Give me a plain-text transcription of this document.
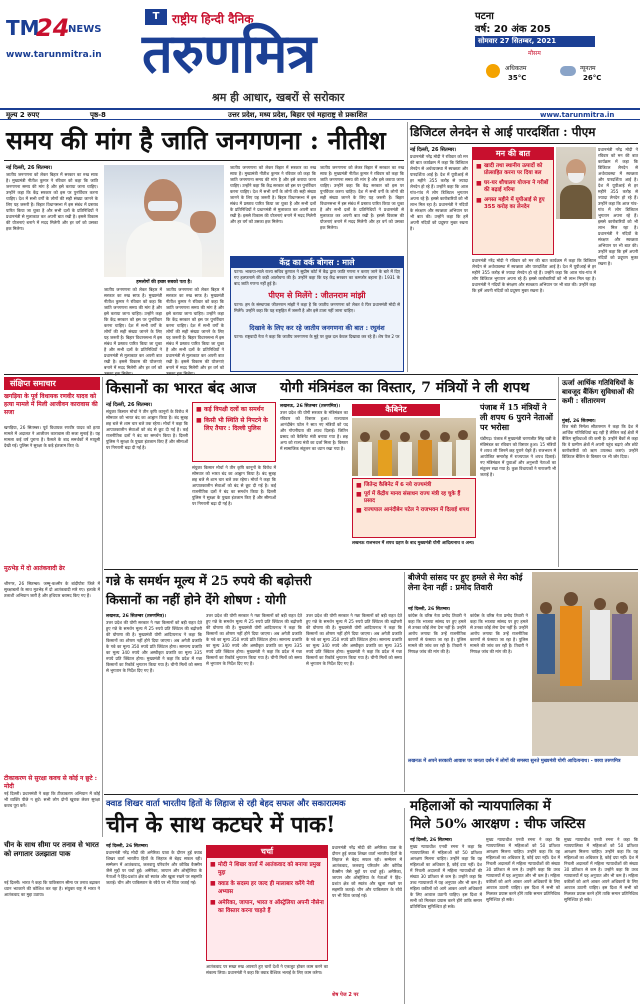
TM
24
NEWS
www.tarunmitra.in
T	राष्ट्रीय हिन्दी दैनिक
तरुणमित्र
श्रम ही आधार, खबरों से सरोकार
पटना
वर्ष: 20 अंक 205
सोमवार 27 सितम्बर, 2021
मौसम
अधिकतम
35°C
न्यूनतम
26°C
मूल्य 2 रुपए	पृष्ठ-8	उत्तर प्रदेश, मध्य प्रदेश, बिहार एवं महाराष्ट्र से प्रकाशित	www.tarunmitra.in
समय की मांग है जाति जनगणना : नीतीश
नई दिल्ली, 26 सितम्बर।
जातीय जनगणना को लेकर बिहार में सरकार का रुख साफ है। मुख्यमंत्री नीतीश कुमार ने रविवार को कहा कि जाति जनगणना समय की मांग है और इसे कराया जाना चाहिए। उन्होंने कहा कि केंद्र सरकार को इस पर पुनर्विचार करना चाहिए। देश में सभी वर्गों के लोगों की सही संख्या जानने के लिए यह जरूरी है। बिहार विधानसभा में इस संबंध में प्रस्ताव पारित किया जा चुका है और सभी दलों के प्रतिनिधियों ने प्रधानमंत्री से मुलाकात कर अपनी बात रखी है। इससे विकास की योजनाएं बनाने में मदद मिलेगी और हर वर्ग को उसका हक मिलेगा।
हमलोगों की इच्छा सबको पता है।
जातीय जनगणना को लेकर बिहार में सरकार का रुख साफ है। मुख्यमंत्री नीतीश कुमार ने रविवार को कहा कि जाति जनगणना समय की मांग है और इसे कराया जाना चाहिए। उन्होंने कहा कि केंद्र सरकार को इस पर पुनर्विचार करना चाहिए। देश में सभी वर्गों के लोगों की सही संख्या जानने के लिए यह जरूरी है। बिहार विधानसभा में इस संबंध में प्रस्ताव पारित किया जा चुका है और सभी दलों के प्रतिनिधियों ने प्रधानमंत्री से मुलाकात कर अपनी बात रखी है। इससे विकास की योजनाएं बनाने में मदद मिलेगी और हर वर्ग को
जातीय जनगणना को लेकर बिहार में सरकार का रुख साफ है। मुख्यमंत्री नीतीश कुमार ने रविवार को कहा कि जाति जनगणना समय की मांग है और इसे कराया जाना चाहिए। उन्होंने कहा कि केंद्र सरकार को इस पर पुनर्विचार करना चाहिए। देश में सभी वर्गों के लोगों की सही संख्या जानने के लिए यह जरूरी है। बिहार विधानसभा में इस संबंध में प्रस्ताव पारित किया जा चुका है और सभी दलों के प्रतिनिधियों ने प्रधानमंत्री से मुलाकात कर अपनी बात रखी है। इससे विकास की योजनाएं बनाने में मदद मिलेगी और हर वर्ग को
जातीय जनगणना को लेकर बिहार में सरकार का रुख साफ है। मुख्यमंत्री नीतीश कुमार ने रविवार को कहा कि जाति जनगणना समय की मांग है और इसे कराया जाना चाहिए। उन्होंने कहा कि केंद्र सरकार को इस पर पुनर्विचार करना चाहिए। देश में सभी वर्गों के लोगों की सही संख्या जानने के लिए यह जरूरी है। बिहार विधानसभा में इस संबंध में प्रस्ताव पारित किया जा चुका है और सभी दलों के प्रतिनिधियों ने प्रधानमंत्री से मुलाकात कर अपनी बात रखी है। इससे विकास की योजनाएं बनाने में मदद मिलेगी और हर वर्ग को उसका हक मिलेगा।
जातीय जनगणना को लेकर बिहार में सरकार का रुख साफ है। मुख्यमंत्री नीतीश कुमार ने रविवार को कहा कि जाति जनगणना समय की मांग है और इसे कराया जाना चाहिए। उन्होंने कहा कि केंद्र सरकार को इस पर पुनर्विचार करना चाहिए। देश में सभी वर्गों के लोगों की सही संख्या जानने के लिए यह जरूरी है। बिहार विधानसभा में इस संबंध में प्रस्ताव पारित किया जा चुका है और सभी दलों के प्रतिनिधियों ने प्रधानमंत्री से मुलाकात कर अपनी बात रखी है। इससे विकास की योजनाएं बनाने में मदद मिलेगी और हर वर्ग को उसका हक मिलेगा।
केंद्र का वर्क बोगस : माले
पटना। भाकपा-माले राज्य सचिव कुणाल ने सुप्रीम कोर्ट में केंद्र द्वारा जाति गणना न कराए जाने के बारे में दिए गए हलफनामे की कड़ी आलोचना की है। उन्होंने कहा कि यह केंद्र सरकार का कमजोर बहाना है। 1931 के बाद जाति गणना नहीं हुई है।
पीएम से मिलेंगे : जीतनराम मांझी
पटना। हम के संस्थापक जीतनराम मांझी ने कहा है कि जातीय जनगणना को लेकर वे फिर प्रधानमंत्री मोदी से मिलेंगे। उन्होंने कहा कि यह राष्ट्रहित में जरूरी है और इसे टाला नहीं जाना चाहिए।
दिखावे के लिए कर रहे जातीय जनगणना की बात : रघुवंश
पटना। राष्ट्रवादी नेता ने कहा कि जातीय जनगणना के मुद्दे पर कुछ दल केवल दिखावा कर रहे हैं। शेष पेज 2 पर
डिजिटल लेनदेन से आई पारदर्शिता : पीएम
नई दिल्ली, 26 सितम्बर।
प्रधानमंत्री नरेंद्र मोदी ने रविवार को मन की बात कार्यक्रम में कहा कि डिजिटल लेनदेन से अर्थव्यवस्था में स्वच्छता और पारदर्शिता आई है। देश में यूपीआई से हर महीने 355 करोड़ से ज्यादा लेनदेन हो रहे हैं। उन्होंने कहा कि आज गांव-गांव में लोग डिजिटल भुगतान अपना रहे हैं। इससे कारोबारियों को भी लाभ मिल रहा है। प्रधानमंत्री ने नदियों के संरक्षण और स्वच्छता अभियान पर भी बात की। उन्होंने कहा कि हमें अपनी नदियों को प्रदूषण मुक्त रखना है।
मन की बात
■ खादी तथा स्थानीय उत्पादों को प्रोत्साहित करना पर दिया बल
■ घर-घर शौचालय योजना ने गरीबों की बढ़ाई गरिमा
■ अगस्त महीने में यूपीआई से हुए 355 करोड़ का लेनदेन
प्रधानमंत्री नरेंद्र मोदी ने रविवार को मन की बात कार्यक्रम में कहा कि डिजिटल लेनदेन से अर्थव्यवस्था में स्वच्छता और पारदर्शिता आई है। देश में यूपीआई से हर महीने 355 करोड़ से ज्यादा लेनदेन हो रहे हैं। उन्होंने कहा कि आज गांव-गांव में लोग डिजिटल भुगतान अपना रहे हैं। इससे कारोबारियों को भी लाभ मिल रहा है। प्रधानमंत्री ने नदियों के संरक्षण और स्वच्छता अभियान पर भी बात की। उन्होंने कहा कि हमें अपनी नदियों को प्रदूषण मुक्त रखना है।
प्रधानमंत्री नरेंद्र मोदी ने रविवार को मन की बात कार्यक्रम में कहा कि डिजिटल लेनदेन से अर्थव्यवस्था में स्वच्छता और पारदर्शिता आई है। देश में यूपीआई से हर महीने 355 करोड़ से ज्यादा लेनदेन हो रहे हैं। उन्होंने कहा कि आज गांव-गांव में लोग डिजिटल भुगतान अपना रहे हैं। इससे कारोबारियों को भी लाभ मिल रहा है। प्रधानमंत्री ने नदियों के संरक्षण और स्वच्छता अभियान पर भी बात की। उन्होंने कहा कि हमें अपनी नदियों को प्रदूषण मुक्त रखना है।
संक्षिप्त समाचार
खगड़िया के पूर्व विधायक रणवीर यादव को हत्या मामले में मिली आजीवन कारावास की सजा
खगड़िया, 26 सितम्बर। पूर्व विधायक रणवीर यादव को हत्या मामले में अदालत ने आजीवन कारावास की सजा सुनाई है। यह मामला कई वर्ष पुराना है। फैसले के बाद समर्थकों में मायूसी देखी गई। पुलिस ने सुरक्षा के कड़े इंतजाम किए थे।
मुठभेड़ में दो आतंकवादी ढेर
श्रीनगर, 26 सितम्बर। जम्मू-कश्मीर के बांदीपोरा जिले में सुरक्षाबलों के साथ मुठभेड़ में दो आतंकवादी मारे गए। इलाके में तलाशी अभियान जारी है और हथियार बरामद किए गए हैं।
टीकाकरण से सुरक्षा कवच से कोई न छूटे : मोदी
नई दिल्ली। प्रधानमंत्री ने कहा कि टीकाकरण अभियान में कोई भी व्यक्ति पीछे न छूटे। सभी लोग दोनों खुराक लेकर सुरक्षा कवच पूरा करें।
किसानों का भारत बंद आज
नई दिल्ली, 26 सितम्बर।
संयुक्त किसान मोर्चा ने तीन कृषि कानूनों के विरोध में सोमवार को भारत बंद का आह्वान किया है। बंद सुबह छह बजे से शाम चार बजे तक रहेगा। मोर्चा ने कहा कि आपातकालीन सेवाओं को बंद से छूट दी गई है। कई राजनीतिक दलों ने बंद का समर्थन किया है। दिल्ली पुलिस ने सुरक्षा के पुख्ता इंतजाम किए हैं और सीमाओं पर निगरानी बढ़ा दी गई है।
■ कई विपक्षी दलों का समर्थन
■ किसी भी स्थिति से निपटने के लिए तैयार : दिल्ली पुलिस
संयुक्त किसान मोर्चा ने तीन कृषि कानूनों के विरोध में सोमवार को भारत बंद का आह्वान किया है। बंद सुबह छह बजे से शाम चार बजे तक रहेगा। मोर्चा ने कहा कि आपातकालीन सेवाओं को बंद से छूट दी गई है। कई राजनीतिक दलों ने बंद का समर्थन किया है। दिल्ली पुलिस ने सुरक्षा के पुख्ता इंतजाम किए हैं और सीमाओं पर निगरानी बढ़ा दी गई है।
योगी मंत्रिमंडल का विस्तार, 7 मंत्रियों ने ली शपथ
लखनऊ, 26 सितम्बर (तरुणमित्र)।
उत्तर प्रदेश की योगी सरकार के मंत्रिमंडल का रविवार को विस्तार हुआ। राज्यपाल आनंदीबेन पटेल ने सात नए मंत्रियों को पद और गोपनीयता की शपथ दिलाई। जितिन प्रसाद को कैबिनेट मंत्री बनाया गया है। छह अन्य को राज्य मंत्री का दर्जा मिला है। विस्तार में सामाजिक संतुलन का ध्यान रखा गया है।
कैबिनेट
■ जितेन्द्र कैबिनेट में 6 नये राज्यमंत्री
■ पूर्व में केंद्रीय मानव संसाधन राज्य मंत्री रह चुके हैं प्रसाद
■ राज्यपाल आनंदीबेन पटेल ने राजभवन में दिलाई शपथ
लखनऊ राजभवन में शपथ ग्रहण के बाद मुख्यमंत्री योगी आदित्यनाथ व अन्य।
पंजाब में 15 मंत्रियों ने ली शपथ 6 पुराने नेताओं पर भरोसा
चंडीगढ़। पंजाब में मुख्यमंत्री चरणजीत सिंह चन्नी के मंत्रिमंडल का रविवार को विस्तार हुआ। 15 मंत्रियों ने शपथ ली जिनमें छह पुराने चेहरे हैं। राजभवन में आयोजित समारोह में राज्यपाल ने शपथ दिलाई। नए मंत्रिमंडल में युवाओं और अनुभवी नेताओं का संतुलन रखा गया है। कुछ विधायकों ने नाराजगी भी जताई है।
ऊर्जा आर्थिक गतिविधियों के बावजूद बैंकिंग सुविधाओं की कमी : सीतारमण
मुंबई, 26 सितम्बर।
वित्त मंत्री निर्मला सीतारमण ने कहा कि देश में आर्थिक गतिविधियां बढ़ रही हैं लेकिन कई क्षेत्रों में बैंकिंग सुविधाओं की कमी है। उन्होंने बैंकों से कहा कि वे ग्रामीण क्षेत्रों में अपनी पहुंच बढ़ाएं और छोटे कारोबारियों को ऋण उपलब्ध कराएं। उन्होंने डिजिटल बैंकिंग के विस्तार पर भी जोर दिया।
गन्ने के समर्थन मूल्य में 25 रुपये की बढ़ोत्तरी
किसानों का नहीं होने देंगे शोषण : योगी
लखनऊ, 26 सितम्बर (तरुणमित्र)।
उत्तर प्रदेश की योगी सरकार ने गन्ना किसानों को बड़ी राहत देते हुए गन्ने के समर्थन मूल्य में 25 रुपये प्रति क्विंटल की बढ़ोत्तरी की घोषणा की है। मुख्यमंत्री योगी आदित्यनाथ ने कहा कि किसानों का शोषण नहीं होने दिया जाएगा। अब अगेती प्रजाति के गन्ने का मूल्य 350 रुपये प्रति क्विंटल होगा। सामान्य प्रजाति का मूल्य 340 रुपये और अस्वीकृत प्रजाति का मूल्य 335 रुपये प्रति क्विंटल होगा। मुख्यमंत्री ने कहा कि प्रदेश में गन्ना किसानों का रिकॉर्ड भुगतान किया गया है। चीनी मिलों को समय से भुगतान के निर्देश दिए गए हैं।
उत्तर प्रदेश की योगी सरकार ने गन्ना किसानों को बड़ी राहत देते हुए गन्ने के समर्थन मूल्य में 25 रुपये प्रति क्विंटल की बढ़ोत्तरी की घोषणा की है। मुख्यमंत्री योगी आदित्यनाथ ने कहा कि किसानों का शोषण नहीं होने दिया जाएगा। अब अगेती प्रजाति के गन्ने का मूल्य 350 रुपये प्रति क्विंटल होगा। सामान्य प्रजाति का मूल्य 340 रुपये और अस्वीकृत प्रजाति का मूल्य 335 रुपये प्रति क्विंटल होगा। मुख्यमंत्री ने कहा कि प्रदेश में गन्ना किसानों का रिकॉर्ड भुगतान किया गया है। चीनी मिलों को समय से भुगतान के निर्देश दिए गए हैं।
उत्तर प्रदेश की योगी सरकार ने गन्ना किसानों को बड़ी राहत देते हुए गन्ने के समर्थन मूल्य में 25 रुपये प्रति क्विंटल की बढ़ोत्तरी की घोषणा की है। मुख्यमंत्री योगी आदित्यनाथ ने कहा कि किसानों का शोषण नहीं होने दिया जाएगा। अब अगेती प्रजाति के गन्ने का मूल्य 350 रुपये प्रति क्विंटल होगा। सामान्य प्रजाति का मूल्य 340 रुपये और अस्वीकृत प्रजाति का मूल्य 335 रुपये प्रति क्विंटल होगा। मुख्यमंत्री ने कहा कि प्रदेश में गन्ना किसानों का रिकॉर्ड भुगतान किया गया है। चीनी मिलों को समय से भुगतान के निर्देश दिए गए हैं।
बीजेपी सांसद पर हुए हमले से मेरा कोई लेना देना नहीं : प्रमोद तिवारी
नई दिल्ली, 26 सितम्बर।
कांग्रेस के वरिष्ठ नेता प्रमोद तिवारी ने कहा कि भाजपा सांसद पर हुए हमले से उनका कोई लेना देना नहीं है। उन्होंने आरोप लगाया कि उन्हें राजनीतिक कारणों से फंसाया जा रहा है। पुलिस मामले की जांच कर रही है। तिवारी ने निष्पक्ष जांच की मांग की है।
कांग्रेस के वरिष्ठ नेता प्रमोद तिवारी ने कहा कि भाजपा सांसद पर हुए हमले से उनका कोई लेना देना नहीं है। उन्होंने आरोप लगाया कि उन्हें राजनीतिक कारणों से फंसाया जा रहा है। पुलिस मामले की जांच कर रही है। तिवारी ने निष्पक्ष जांच की मांग की है।
लखनऊ में अपने सरकारी आवास पर जनता दर्शन में लोगों की समस्या सुनते मुख्यमंत्री योगी आदित्यनाथ। - छाया तरुणमित्र
चीन के साथ सीमा पर तनाव से भारत को लगातार उलझाता पाक
नई दिल्ली। भारत ने कहा कि पाकिस्तान सीमा पर तनाव बढ़ाकर ध्यान भटकाने की कोशिश कर रहा है। संयुक्त राष्ट्र में भारत ने आतंकवाद का मुद्दा उठाया।
क्वाड शिखर वार्ता भारतीय हितों के लिहाज से रही बेहद सफल और सकारात्मक
चीन के साथ कटघरे में पाक!
नई दिल्ली, 26 सितम्बर।
प्रधानमंत्री नरेंद्र मोदी की अमेरिका यात्रा के दौरान हुई क्वाड शिखर वार्ता भारतीय हितों के लिहाज से बेहद सफल रही। सम्मेलन में आतंकवाद, जलवायु परिवर्तन और कोविड वैक्सीन जैसे मुद्दों पर चर्चा हुई। अमेरिका, जापान और ऑस्ट्रेलिया के नेताओं ने हिंद-प्रशांत क्षेत्र को स्वतंत्र और खुला रखने पर सहमति जताई। चीन और पाकिस्तान के रवैये पर भी चिंता जताई गई।
चर्चा
■ मोदी ने शिखर वार्ता में आतंकवाद को बनाया प्रमुख मुद्दा
■ क्वाड के सदस्य हर जल्द ही मालाबार करेंगे नेवी अभ्यास
■ अमेरिका, जापान, भारत व ऑस्ट्रेलिया अपनी नौसेना का विस्तार करना चाहते हैं
आतंकवाद पर सख्त रुख अपनाते हुए चारों देशों ने एकजुट होकर काम करने का संकल्प लिया। प्रधानमंत्री ने कहा कि क्वाड वैश्विक भलाई के लिए काम करेगा।
प्रधानमंत्री नरेंद्र मोदी की अमेरिका यात्रा के दौरान हुई क्वाड शिखर वार्ता भारतीय हितों के लिहाज से बेहद सफल रही। सम्मेलन में आतंकवाद, जलवायु परिवर्तन और कोविड वैक्सीन जैसे मुद्दों पर चर्चा हुई। अमेरिका, जापान और ऑस्ट्रेलिया के नेताओं ने हिंद-प्रशांत क्षेत्र को स्वतंत्र और खुला रखने पर सहमति जताई। चीन और पाकिस्तान के रवैये पर भी चिंता जताई गई।
शेष पेज 2 पर
महिलाओं को न्यायपालिका में
मिले 50% आरक्षण : चीफ जस्टिस
नई दिल्ली, 26 सितम्बर।
मुख्य न्यायाधीश एनवी रमना ने कहा कि न्यायपालिका में महिलाओं को 50 प्रतिशत आरक्षण मिलना चाहिए। उन्होंने कहा कि यह महिलाओं का अधिकार है, कोई दया नहीं। देश में निचली अदालतों में महिला न्यायाधीशों की संख्या 30 प्रतिशत से कम है। उन्होंने कहा कि उच्च न्यायालयों में यह अनुपात और भी कम है। महिला वकीलों को आगे आकर अपने अधिकारों के लिए आवाज उठानी चाहिए। इस दिशा में सभी को मिलकर प्रयास करने होंगे ताकि समान प्रतिनिधित्व सुनिश्चित हो सके।
मुख्य न्यायाधीश एनवी रमना ने कहा कि न्यायपालिका में महिलाओं को 50 प्रतिशत आरक्षण मिलना चाहिए। उन्होंने कहा कि यह महिलाओं का अधिकार है, कोई दया नहीं। देश में निचली अदालतों में महिला न्यायाधीशों की संख्या 30 प्रतिशत से कम है। उन्होंने कहा कि उच्च न्यायालयों में यह अनुपात और भी कम है। महिला वकीलों को आगे आकर अपने अधिकारों के लिए आवाज उठानी चाहिए। इस दिशा में सभी को मिलकर प्रयास करने होंगे ताकि समान प्रतिनिधित्व सुनिश्चित हो सके।
मुख्य न्यायाधीश एनवी रमना ने कहा कि न्यायपालिका में महिलाओं को 50 प्रतिशत आरक्षण मिलना चाहिए। उन्होंने कहा कि यह महिलाओं का अधिकार है, कोई दया नहीं। देश में निचली अदालतों में महिला न्यायाधीशों की संख्या 30 प्रतिशत से कम है। उन्होंने कहा कि उच्च न्यायालयों में यह अनुपात और भी कम है। महिला वकीलों को आगे आकर अपने अधिकारों के लिए आवाज उठानी चाहिए। इस दिशा में सभी को मिलकर प्रयास करने होंगे ताकि समान प्रतिनिधित्व सुनिश्चित हो सके।
